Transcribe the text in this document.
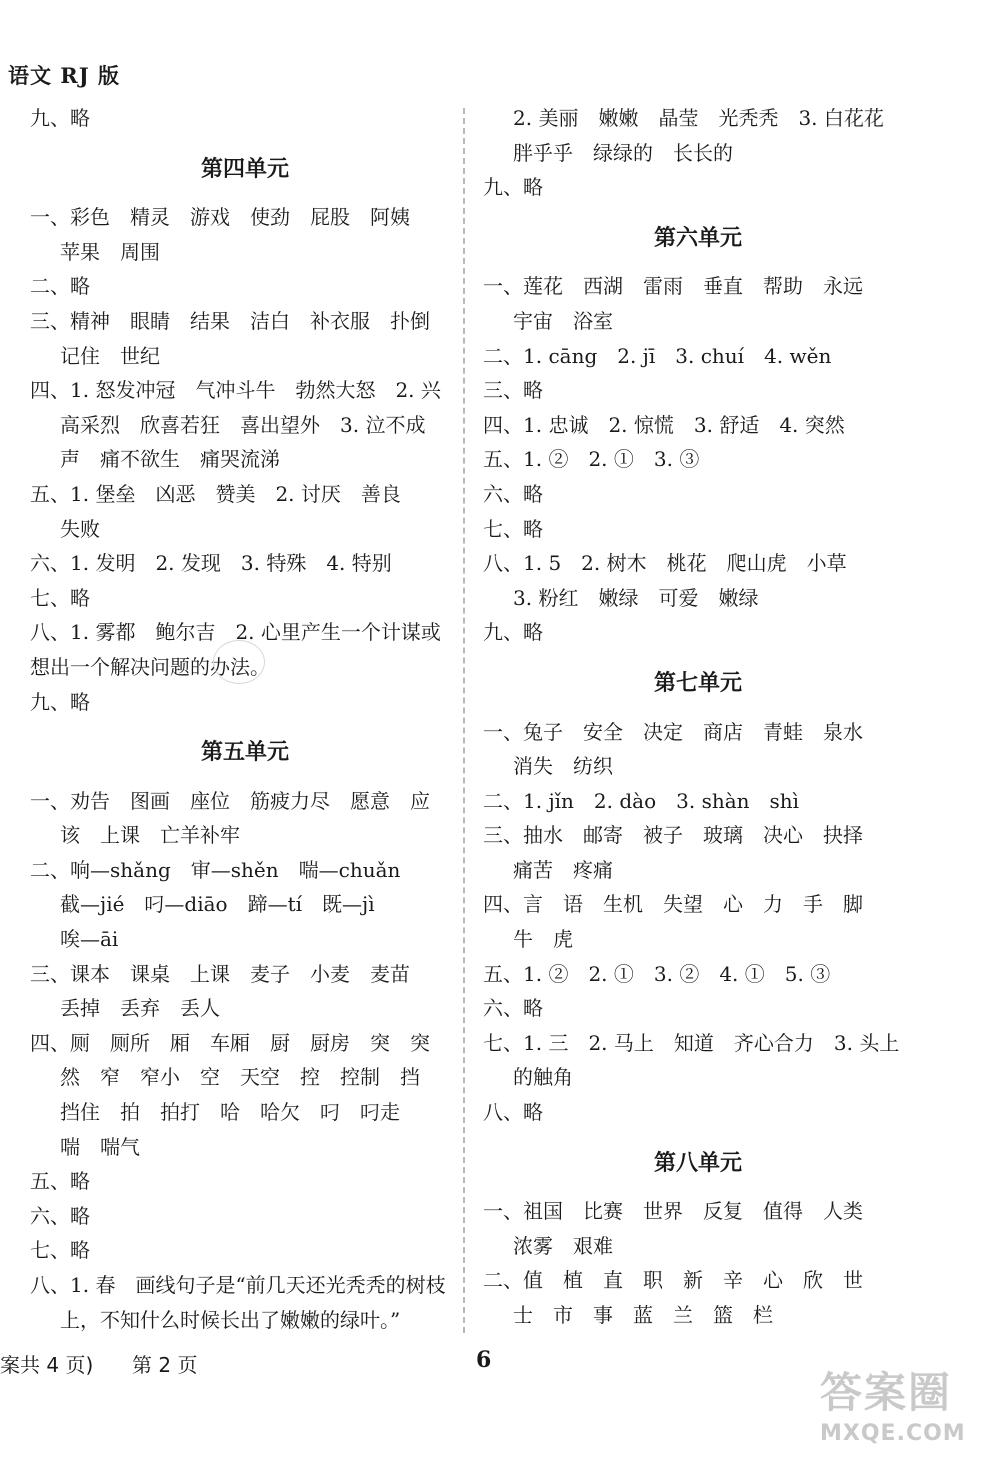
语文 RJ 版
九、略
第四单元
一、彩色　精灵　游戏　使劲　屁股　阿姨
苹果　周围
二、略
三、精神　眼睛　结果　洁白　补衣服　扑倒
记住　世纪
四、1. 怒发冲冠　气冲斗牛　勃然大怒　2. 兴
高采烈　欣喜若狂　喜出望外　3. 泣不成
声　痛不欲生　痛哭流涕
五、1. 堡垒　凶恶　赞美　2. 讨厌　善良
失败
六、1. 发明　2. 发现　3. 特殊　4. 特别
七、略
八、1. 雾都　鲍尔吉　2. 心里产生一个计谋或
想出一个解决问题的办法。
九、略
第五单元
一、劝告　图画　座位　筋疲力尽　愿意　应
该　上课　亡羊补牢
二、响—shǎng　审—shěn　喘—chuǎn
截—jié　叼—diāo　蹄—tí　既—jì
唉—āi
三、课本　课桌　上课　麦子　小麦　麦苗
丢掉　丢弃　丢人
四、厕　厕所　厢　车厢　厨　厨房　突　突
然　窄　窄小　空　天空　控　控制　挡
挡住　拍　拍打　哈　哈欠　叼　叼走
喘　喘气
五、略
六、略
七、略
八、1. 春　画线句子是“前几天还光秃秃的树枝
上，不知什么时候长出了嫩嫩的绿叶。”
2. 美丽　嫩嫩　晶莹　光秃秃　3. 白花花
胖乎乎　绿绿的　长长的
九、略
第六单元
一、莲花　西湖　雷雨　垂直　帮助　永远
宇宙　浴室
二、1. cāng　2. jī　3. chuí　4. wěn
三、略
四、1. 忠诚　2. 惊慌　3. 舒适　4. 突然
五、1. ②　2. ①　3. ③
六、略
七、略
八、1. 5　2. 树木　桃花　爬山虎　小草
3. 粉红　嫩绿　可爱　嫩绿
九、略
第七单元
一、兔子　安全　决定　商店　青蛙　泉水
消失　纺织
二、1. jǐn　2. dào　3. shàn　shì
三、抽水　邮寄　被子　玻璃　决心　抉择
痛苦　疼痛
四、言　语　生机　失望　心　力　手　脚
牛　虎
五、1. ②　2. ①　3. ②　4. ①　5. ③
六、略
七、1. 三　2. 马上　知道　齐心合力　3. 头上
的触角
八、略
第八单元
一、祖国　比赛　世界　反复　值得　人类
浓雾　艰难
二、值　植　直　职　新　辛　心　欣　世
士　市　事　蓝　兰　篮　栏
案共 4 页) 第 2 页	6
答案圈
MXQE.COM
